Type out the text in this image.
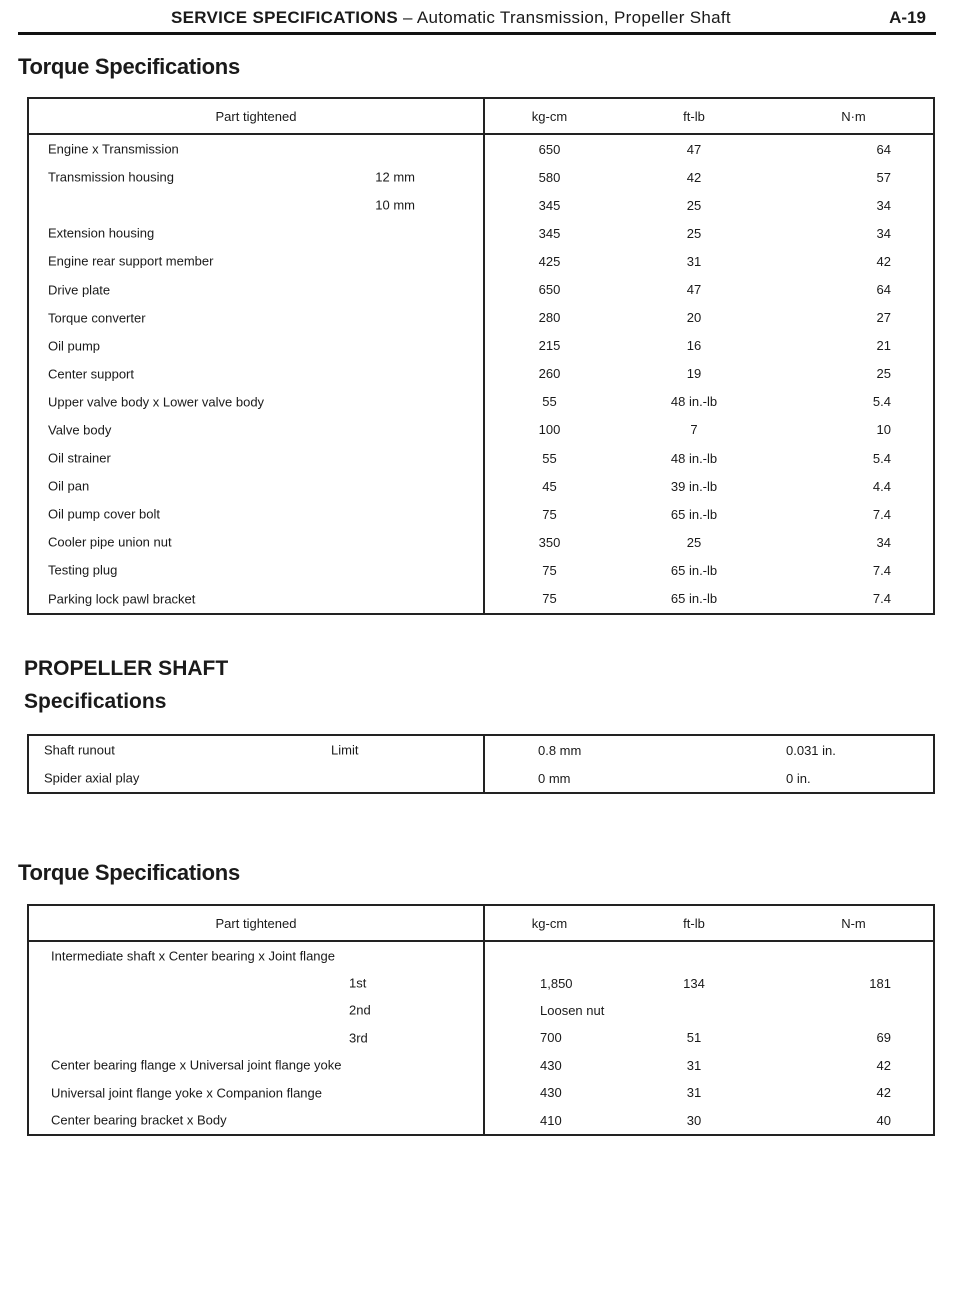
SERVICE SPECIFICATIONS – Automatic Transmission, Propeller Shaft	A-19
Torque Specifications
Part tightened	kg-cm	ft-lb	N·m

Engine x Transmission	650	47	64

Transmission housing 12 mm	580	42	57

10 mm	345	25	34

Extension housing	345	25	34

Engine rear support member	425	31	42

Drive plate	650	47	64

Torque converter	280	20	27

Oil pump	215	16	21

Center support	260	19	25

Upper valve body x Lower valve body	55	48 in.-lb	5.4

Valve body	100	7	10

Oil strainer	55	48 in.-lb	5.4

Oil pan	45	39 in.-lb	4.4

Oil pump cover bolt	75	65 in.-lb	7.4

Cooler pipe union nut	350	25	34

Testing plug	75	65 in.-lb	7.4

Parking lock pawl bracket	75	65 in.-lb	7.4
PROPELLER SHAFT
Specifications
Shaft runout Limit	0.8 mm	0.031 in.

Spider axial play	0 mm	0 in.
Torque Specifications
Part tightened	kg-cm	ft-lb	N-m

Intermediate shaft x Center bearing x Joint flange			

1st	1,850	134	181

2nd	Loosen nut		

3rd	700	51	69

Center bearing flange x Universal joint flange yoke	430	31	42

Universal joint flange yoke x Companion flange	430	31	42

Center bearing bracket x Body	410	30	40
